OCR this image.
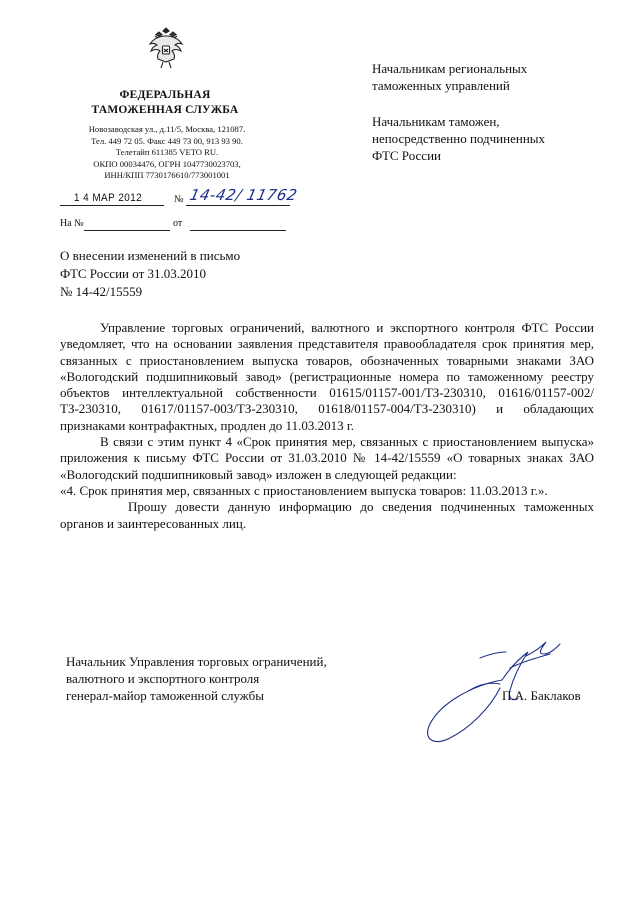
ФЕДЕРАЛЬНАЯ
ТАМОЖЕННАЯ СЛУЖБА
Новозаводская ул., д.11/5, Москва, 121087.
Тел. 449 72 05. Факс 449 73 00, 913 93 90.
Телетайп 611385 VETO RU.
ОКПО 00034476, ОГРН 1047730023703,
ИНН/КПП 7730176610/773001001
1 4 МАР 2012	№ 14-42/ 11762
На №	от
Начальникам региональных
таможенных управлений
Начальникам таможен,
непосредственно подчиненных
ФТС России
О внесении изменений в письмо
ФТС России от 31.03.2010
№ 14-42/15559

Управление торговых ограничений, валютного и экспортного контроля ФТС России уведомляет, что на основании заявления представителя правообладателя срок принятия мер, связанных с приостановлением выпуска товаров, обозначенных товарными знаками ЗАО «Вологодский подшипниковый завод» (регистрационные номера по таможенному реестру объектов интеллектуальной собственности 01615/01157-001/ТЗ-230310, 01616/01157-002/ТЗ-230310, 01617/01157-003/ТЗ-230310, 01618/01157-004/ТЗ-230310) и обладающих признаками контрафактных, продлен до 11.03.2013 г.

В связи с этим пункт 4 «Срок принятия мер, связанных с приостановлением выпуска» приложения к письму ФТС России от 31.03.2010 № 14-42/15559 «О товарных знаках ЗАО «Вологодский подшипниковый завод» изложен в следующей редакции:

«4. Срок принятия мер, связанных с приостановлением выпуска товаров: 11.03.2013 г.».

Прошу довести данную информацию до сведения подчиненных таможенных органов и заинтересованных лиц.

Начальник Управления торговых ограничений,
валютного и экспортного контроля
генерал-майор таможенной службы	П.А. Баклаков
